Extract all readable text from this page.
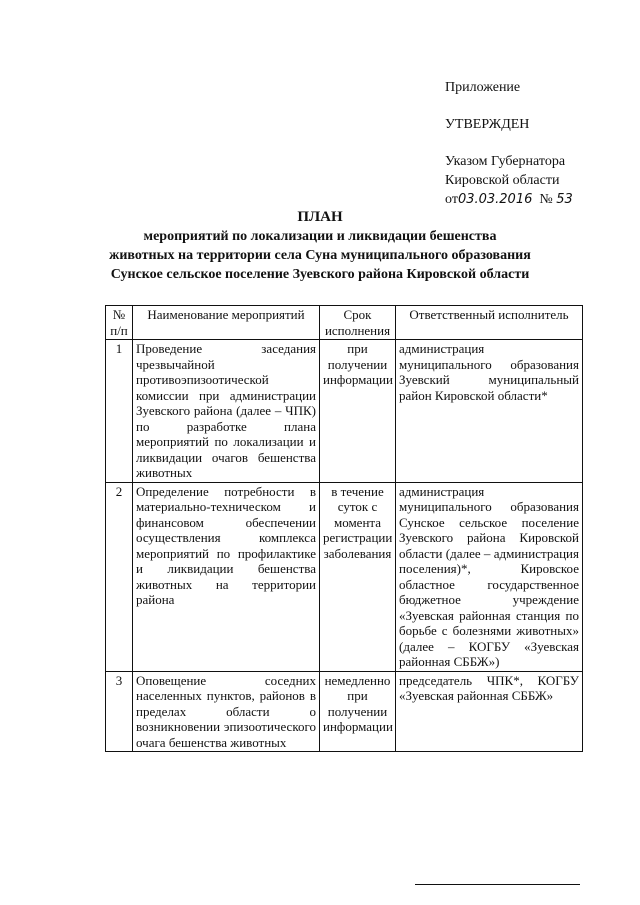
Приложение
УТВЕРЖДЕН
Указом Губернатора
Кировской области
от03.03.2016 № 53
ПЛАН
мероприятий по локализации и ликвидации бешенства
животных на территории села Суна муниципального образования
Сунское сельское поселение Зуевского района Кировской области
№ п/п	Наименование мероприятий	Срок исполнения	Ответственный исполнитель
1	Проведение заседания чрезвычайной противоэпизоотической комиссии при администрации Зуевского района (далее – ЧПК) по разработке плана мероприятий по локализации и ликвидации очагов бешенства животных	при получении информации	администрация муниципального образования Зуевский муниципальный район Кировской области*
2	Определение потребности в материально-техническом и финансовом обеспечении осуществления комплекса мероприятий по профилактике и ликвидации бешенства животных на территории района	в течение суток с момента регистрации заболевания	администрация муниципального образования Сунское сельское поселение Зуевского района Кировской области (далее – администрация поселения)*, Кировское областное государственное бюджетное учреждение «Зуевская районная станция по борьбе с болезнями животных» (далее – КОГБУ «Зуевская районная СББЖ»)
3	Оповещение соседних населенных пунктов, районов в пределах области о возникновении эпизоотического очага бешенства животных	немедленно при получении информации	председатель ЧПК*, КОГБУ «Зуевская районная СББЖ»
